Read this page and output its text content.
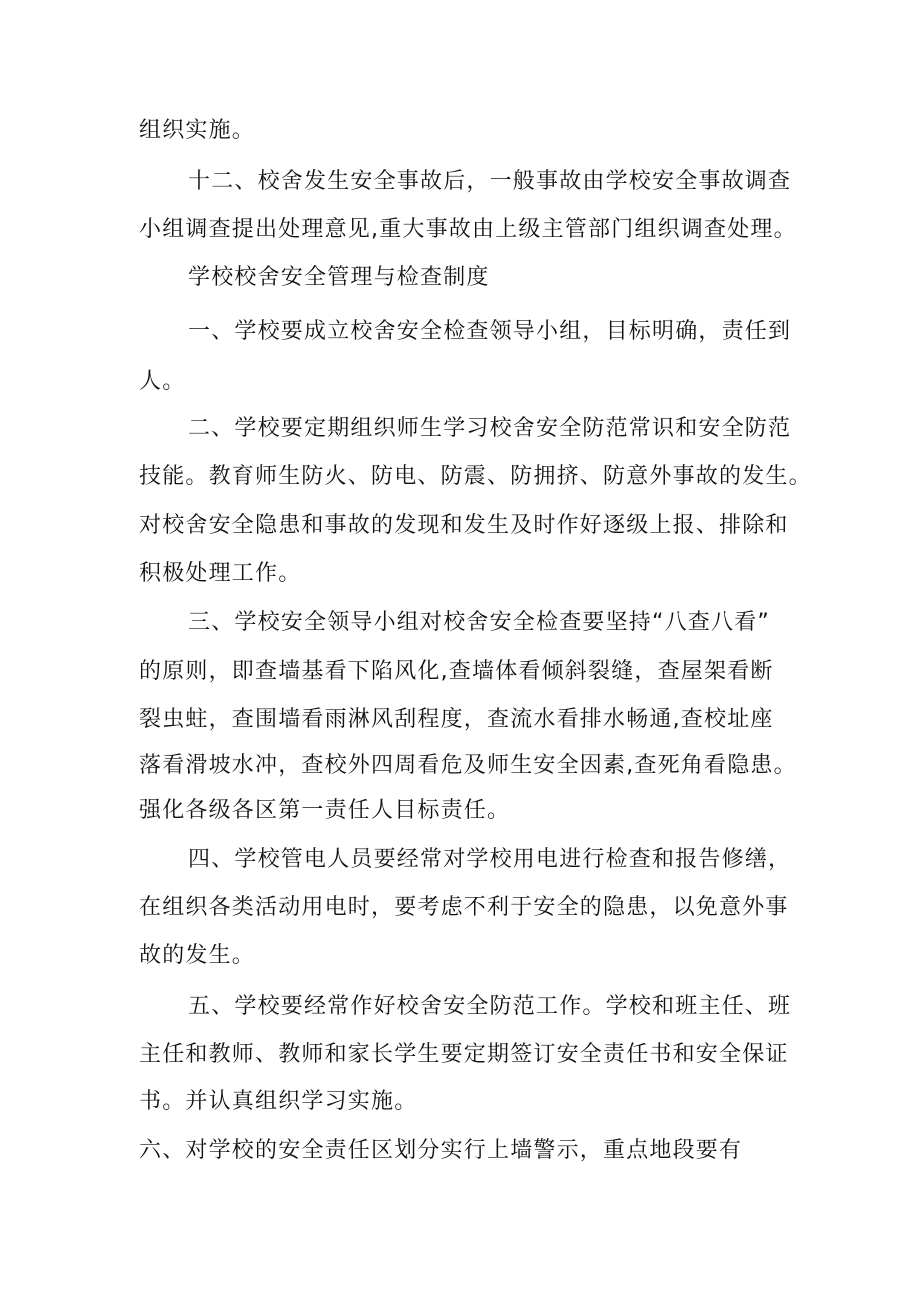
组织实施。

十二、校舍发生安全事故后，一般事故由学校安全事故调查

小组调查提出处理意见,重大事故由上级主管部门组织调查处理。

学校校舍安全管理与检查制度

一、学校要成立校舍安全检查领导小组，目标明确，责任到

人。

二、学校要定期组织师生学习校舍安全防范常识和安全防范

技能。教育师生防火、防电、防震、防拥挤、防意外事故的发生。

对校舍安全隐患和事故的发现和发生及时作好逐级上报、排除和

积极处理工作。

三、学校安全领导小组对校舍安全检查要坚持“八查八看”

的原则，即查墙基看下陷风化,查墙体看倾斜裂缝，查屋架看断

裂虫蛀，查围墙看雨淋风刮程度，查流水看排水畅通,查校址座

落看滑坡水冲，查校外四周看危及师生安全因素,查死角看隐患。

强化各级各区第一责任人目标责任。

四、学校管电人员要经常对学校用电进行检查和报告修缮，

在组织各类活动用电时，要考虑不利于安全的隐患，以免意外事

故的发生。

五、学校要经常作好校舍安全防范工作。学校和班主任、班

主任和教师、教师和家长学生要定期签订安全责任书和安全保证

书。并认真组织学习实施。

六、对学校的安全责任区划分实行上墙警示，重点地段要有
